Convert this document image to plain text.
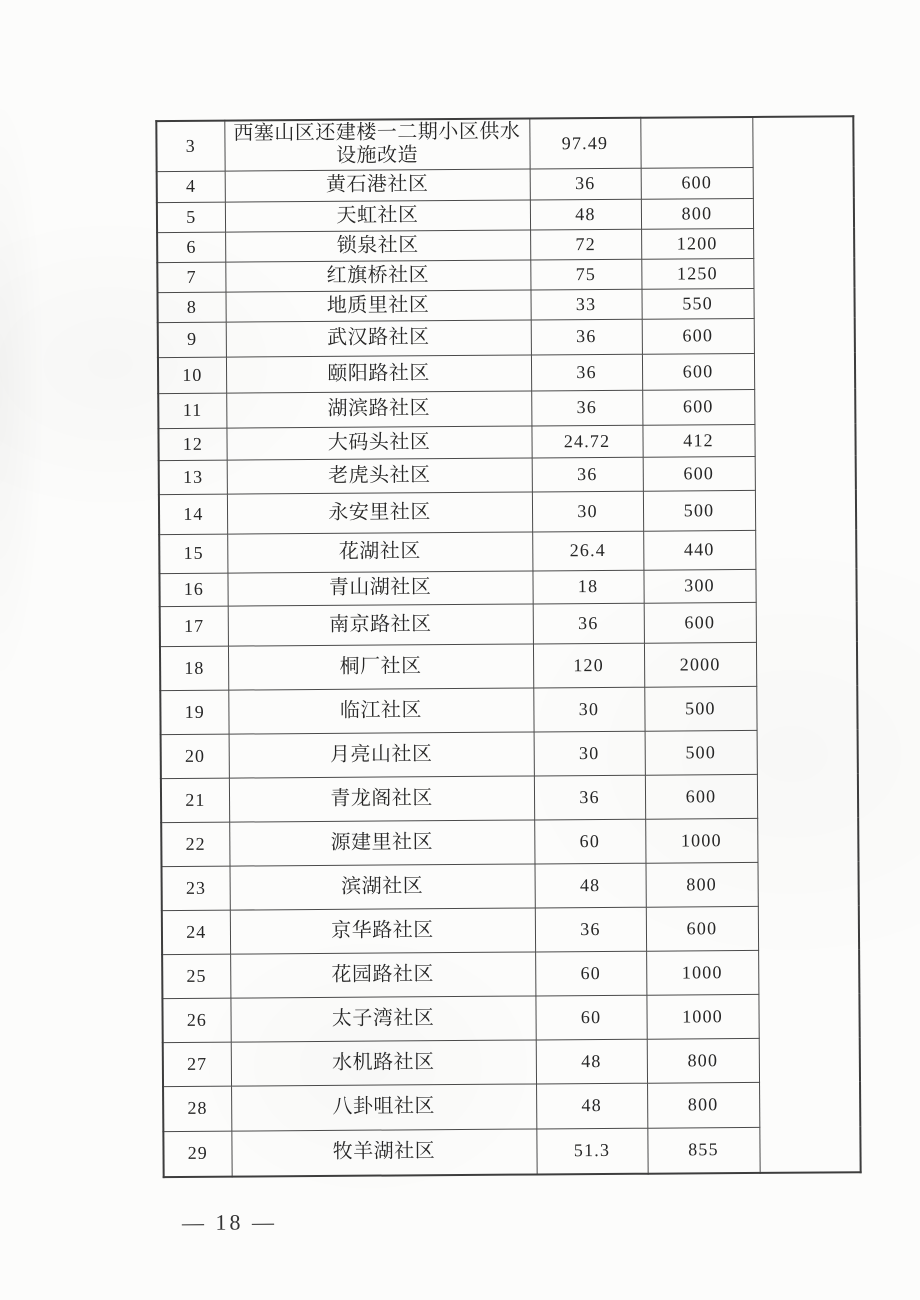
3	西塞山区还建楼一二期小区供水设施改造	97.49		
4	黄石港社区	36	600	
5	天虹社区	48	800	
6	锁泉社区	72	1200	
7	红旗桥社区	75	1250	
8	地质里社区	33	550	
9	武汉路社区	36	600	
10	颐阳路社区	36	600	
11	湖滨路社区	36	600	
12	大码头社区	24.72	412	
13	老虎头社区	36	600	
14	永安里社区	30	500	
15	花湖社区	26.4	440	
16	青山湖社区	18	300	
17	南京路社区	36	600	
18	桐厂社区	120	2000	
19	临江社区	30	500	
20	月亮山社区	30	500	
21	青龙阁社区	36	600	
22	源建里社区	60	1000	
23	滨湖社区	48	800	
24	京华路社区	36	600	
25	花园路社区	60	1000	
26	太子湾社区	60	1000	
27	水机路社区	48	800	
28	八卦咀社区	48	800	
29	牧羊湖社区	51.3	855	
— 18 —
